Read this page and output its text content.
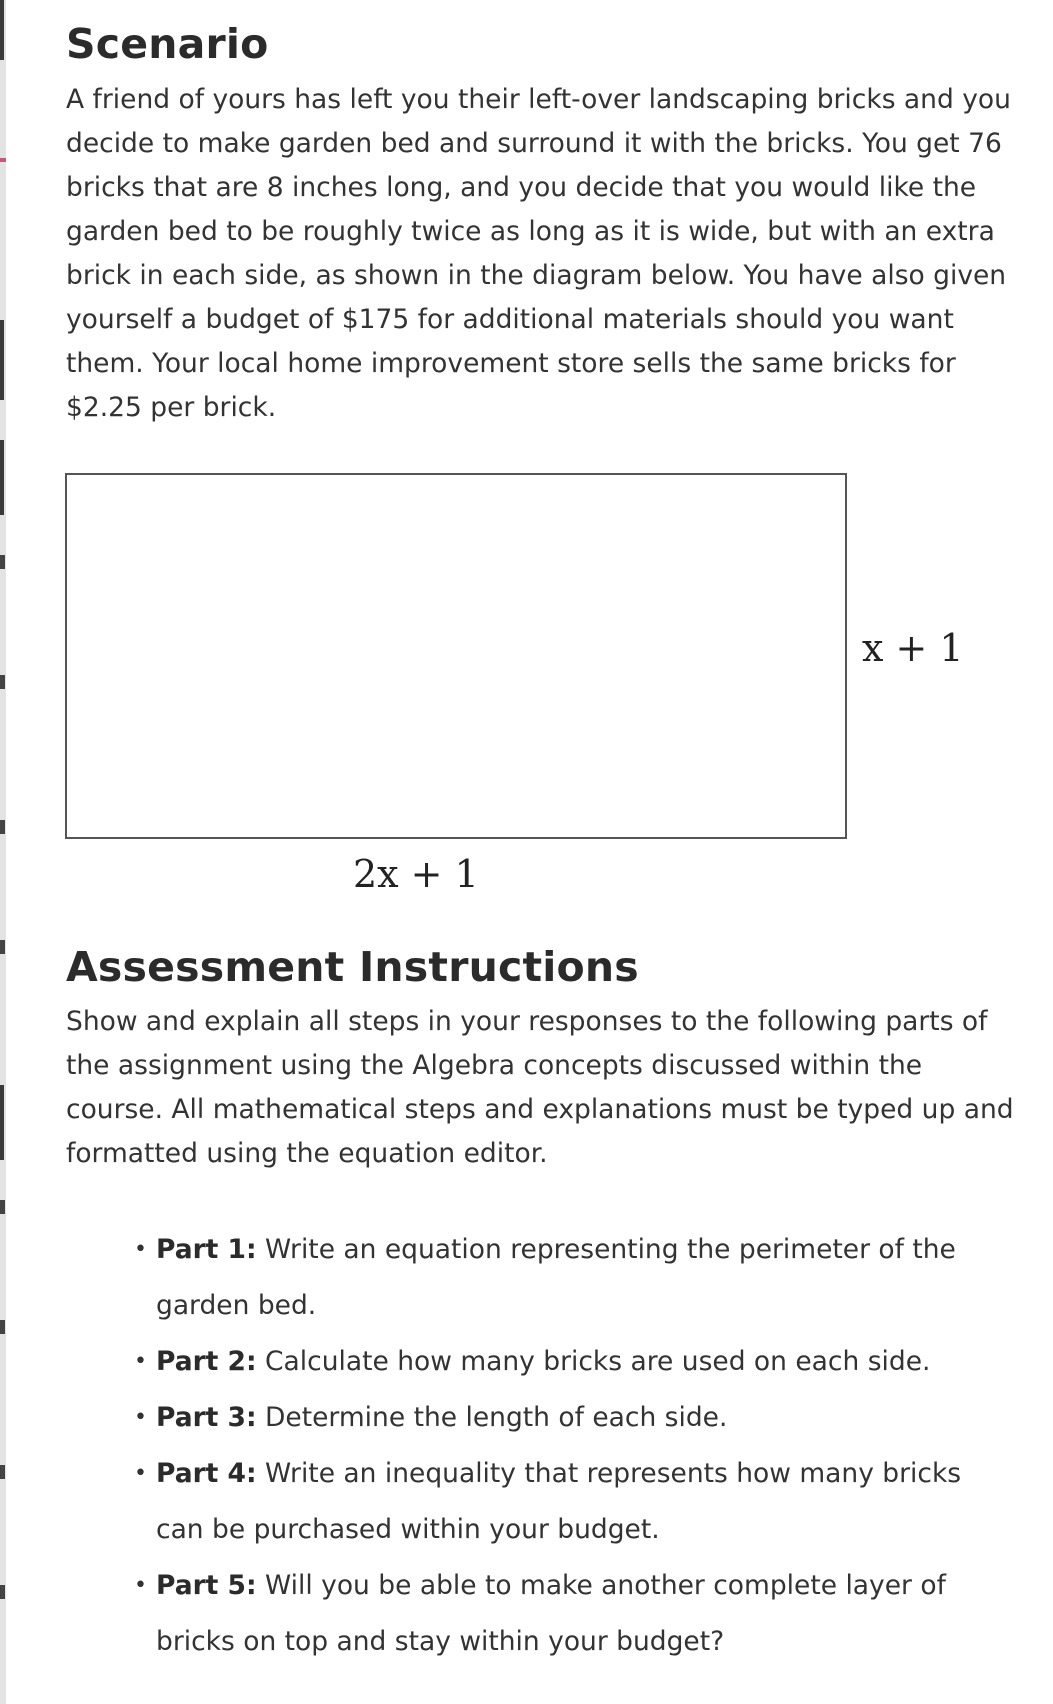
Scenario

A friend of yours has left you their left-over landscaping bricks and you decide to make garden bed and surround it with the bricks. You get 76 bricks that are 8 inches long, and you decide that you would like the garden bed to be roughly twice as long as it is wide, but with an extra brick in each side, as shown in the diagram below. You have also given yourself a budget of $175 for additional materials should you want them. Your local home improvement store sells the same bricks for $2.25 per brick.

x + 1
2x + 1
Assessment Instructions

Show and explain all steps in your responses to the following parts of the assignment using the Algebra concepts discussed within the course. All mathematical steps and explanations must be typed up and formatted using the equation editor.

• Part 1: Write an equation representing the perimeter of the garden bed.
• Part 2: Calculate how many bricks are used on each side.
• Part 3: Determine the length of each side.
• Part 4: Write an inequality that represents how many bricks can be purchased within your budget.
• Part 5: Will you be able to make another complete layer of bricks on top and stay within your budget?
